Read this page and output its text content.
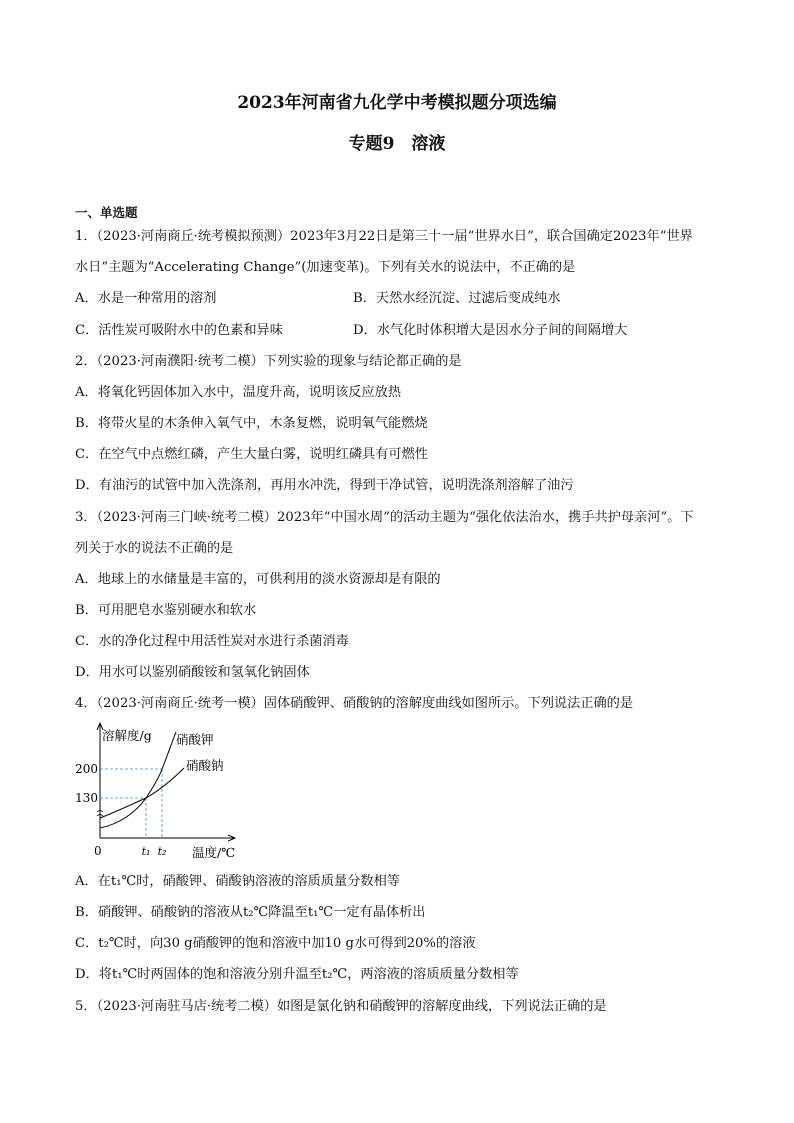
2023年河南省九化学中考模拟题分项选编
专题9　溶液
一、单选题
1．（2023·河南商丘·统考模拟预测）2023年3月22日是第三十一届“世界水日”，联合国确定2023年“世界
水日”主题为“Accelerating Change”(加速变革)。下列有关水的说法中，不正确的是
A．水是一种常用的溶剂	B．天然水经沉淀、过滤后变成纯水
C．活性炭可吸附水中的色素和异味	D．水气化时体积增大是因水分子间的间隔增大
2．（2023·河南濮阳·统考二模）下列实验的现象与结论都正确的是
A．将氧化钙固体加入水中，温度升高，说明该反应放热
B．将带火星的木条伸入氧气中，木条复燃，说明氧气能燃烧
C．在空气中点燃红磷，产生大量白雾，说明红磷具有可燃性
D．有油污的试管中加入洗涤剂，再用水冲洗，得到干净试管，说明洗涤剂溶解了油污
3．（2023·河南三门峡·统考二模）2023年“中国水周”的活动主题为“强化依法治水，携手共护母亲河”。下
列关于水的说法不正确的是
A．地球上的水储量是丰富的，可供利用的淡水资源却是有限的
B．可用肥皂水鉴别硬水和软水
C．水的净化过程中用活性炭对水进行杀菌消毒
D．用水可以鉴别硝酸铵和氢氧化钠固体
4．（2023·河南商丘·统考一模）固体硝酸钾、硝酸钠的溶解度曲线如图所示。下列说法正确的是
溶解度/g 硝酸钾
硝酸钠
200
130
0	t₁ t₂ 温度/℃
A．在t₁℃时，硝酸钾、硝酸钠溶液的溶质质量分数相等
B．硝酸钾、硝酸钠的溶液从t₂℃降温至t₁℃一定有晶体析出
C．t₂℃时，向30 g硝酸钾的饱和溶液中加10 g水可得到20%的溶液
D．将t₁℃时两固体的饱和溶液分别升温至t₂℃，两溶液的溶质质量分数相等
5．（2023·河南驻马店·统考二模）如图是氯化钠和硝酸钾的溶解度曲线，下列说法正确的是
